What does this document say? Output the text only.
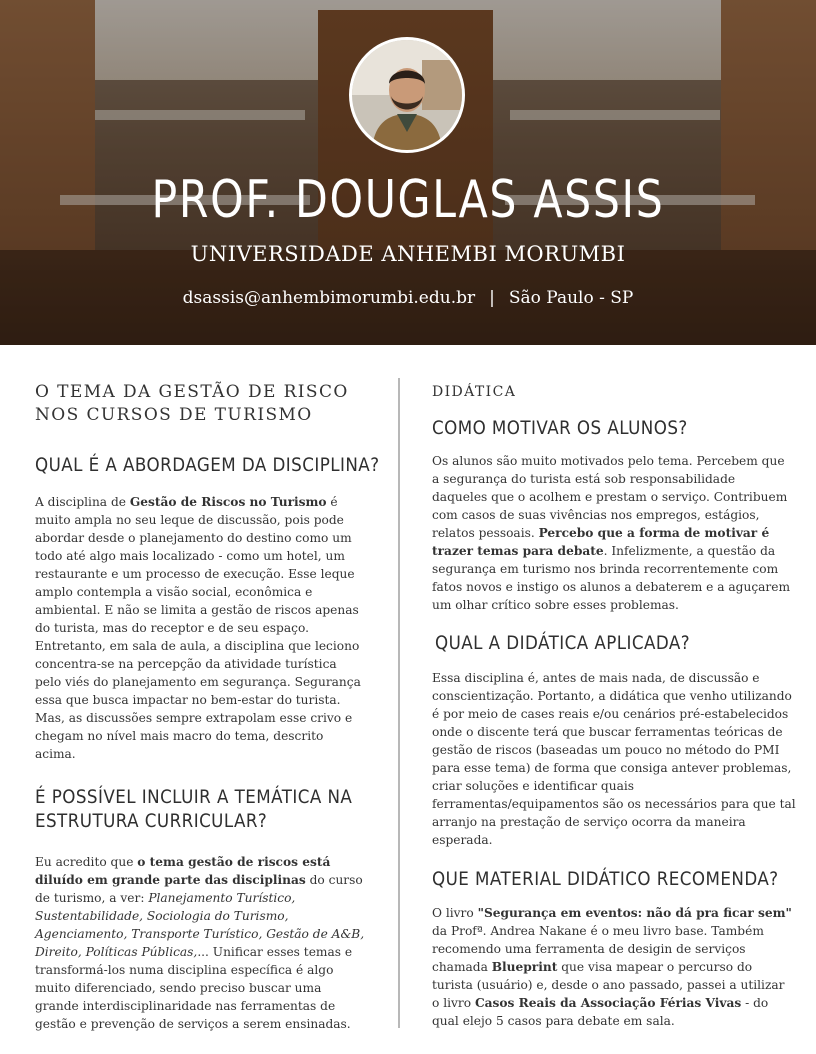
PROF. DOUGLAS ASSIS
UNIVERSIDADE ANHEMBI MORUMBI
dsassis@anhembimorumbi.edu.br | São Paulo - SP
O TEMA DA GESTÃO DE RISCO
NOS CURSOS DE TURISMO
QUAL É A ABORDAGEM DA DISCIPLINA?

A disciplina de Gestão de Riscos no Turismo é muito ampla no seu leque de discussão, pois pode abordar desde o planejamento do destino como um todo até algo mais localizado - como um hotel, um restaurante e um processo de execução. Esse leque amplo contempla a visão social, econômica e ambiental. E não se limita a gestão de riscos apenas do turista, mas do receptor e de seu espaço. Entretanto, em sala de aula, a disciplina que leciono concentra-se na percepção da atividade turística pelo viés do planejamento em segurança. Segurança essa que busca impactar no bem-estar do turista. Mas, as discussões sempre extrapolam esse crivo e chegam no nível mais macro do tema, descrito acima.

É POSSÍVEL INCLUIR A TEMÁTICA NA
ESTRUTURA CURRICULAR?

Eu acredito que o tema gestão de riscos está diluído em grande parte das disciplinas do curso de turismo, a ver: Planejamento Turístico, Sustentabilidade, Sociologia do Turismo, Agenciamento, Transporte Turístico, Gestão de A&B, Direito, Políticas Públicas,... Unificar esses temas e transformá-los numa disciplina específica é algo muito diferenciado, sendo preciso buscar uma grande interdisciplinaridade nas ferramentas de gestão e prevenção de serviços a serem ensinadas.

DIDÁTICA
COMO MOTIVAR OS ALUNOS?

Os alunos são muito motivados pelo tema. Percebem que a segurança do turista está sob responsabilidade daqueles que o acolhem e prestam o serviço. Contribuem com casos de suas vivências nos empregos, estágios, relatos pessoais. Percebo que a forma de motivar é trazer temas para debate. Infelizmente, a questão da segurança em turismo nos brinda recorrentemente com fatos novos e instigo os alunos a debaterem e a aguçarem um olhar crítico sobre esses problemas.

QUAL A DIDÁTICA APLICADA?

Essa disciplina é, antes de mais nada, de discussão e conscientização. Portanto, a didática que venho utilizando é por meio de cases reais e/ou cenários pré-estabelecidos onde o discente terá que buscar ferramentas teóricas de gestão de riscos (baseadas um pouco no método do PMI para esse tema) de forma que consiga antever problemas, criar soluções e identificar quais ferramentas/equipamentos são os necessários para que tal arranjo na prestação de serviço ocorra da maneira esperada.

QUE MATERIAL DIDÁTICO RECOMENDA?

O livro "Segurança em eventos: não dá pra ficar sem" da Profª. Andrea Nakane é o meu livro base. Também recomendo uma ferramenta de desigin de serviços chamada Blueprint que visa mapear o percurso do turista (usuário) e, desde o ano passado, passei a utilizar o livro Casos Reais da Associação Férias Vivas - do qual elejo 5 casos para debate em sala.
